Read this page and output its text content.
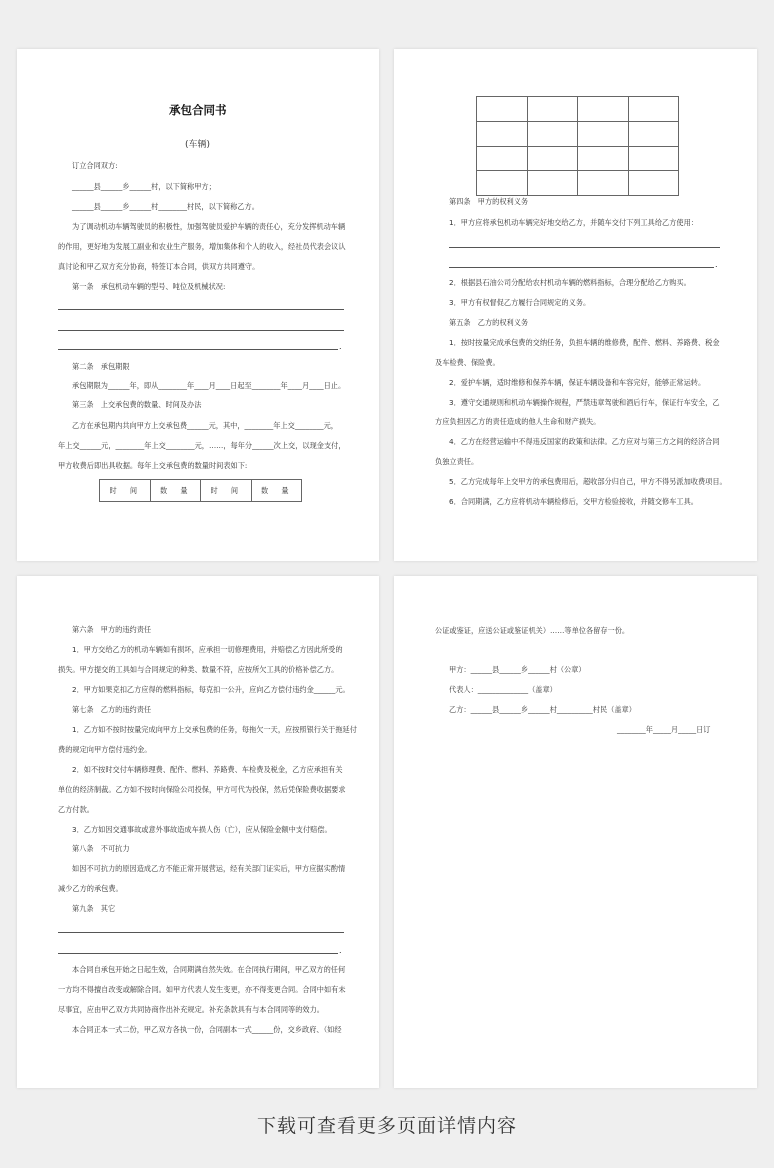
承包合同书
(车辆)
订立合同双方:
______县______乡______村，以下简称甲方；
______县______乡______村________村民，以下简称乙方。
为了调动机动车辆驾驶员的积极性，加强驾驶员爱护车辆的责任心，充分发挥机动车辆
的作用，更好地为发展工副业和农业生产服务，增加集体和个人的收入，经社员代表会议认
真讨论和甲乙双方充分协商，特签订本合同，供双方共同遵守。
第一条　承包机动车辆的型号、吨位及机械状况:
.
第二条　承包期限
承包期限为______年，即从________年____月____日起至________年____月____日止。
第三条　上交承包费的数量、时间及办法
乙方在承包期内共向甲方上交承包费______元，其中，________年上交________元，
年上交______元，________年上交________元，……，每年分______次上交，以现金支付，
甲方收费后即出具收据。每年上交承包费的数量时间表如下:
时　间	数　量	时　间	数　量

第四条　甲方的权利义务
1．甲方应将承包机动车辆完好地交给乙方，并随车交付下列工具给乙方使用：
.
2．根据县石油公司分配给农村机动车辆的燃料指标，合理分配给乙方购买。
3．甲方有权督促乙方履行合同规定的义务。
第五条　乙方的权利义务
1．按时按量完成承包费的交纳任务，负担车辆的维修费，配件、燃料、养路费、税金
及车检费、保险费。
2．爱护车辆，适时维修和保养车辆，保证车辆设备和车容完好，能够正常运转。
3．遵守交通规则和机动车辆操作规程，严禁违章驾驶和酒后行车，保证行车安全，乙
方应负担因乙方的责任造成的他人生命和财产损失。
4．乙方在经营运输中不得违反国家的政策和法律。乙方应对与第三方之间的经济合同
负独立责任。
5．乙方完成每年上交甲方的承包费用后，超收部分归自己，甲方不得另派加收费项目。
6．合同期满，乙方应将机动车辆检修后，交甲方检验接收，并随交修车工具。
第六条　甲方的违约责任
1．甲方交给乙方的机动车辆如有损坏，应承担一切修理费用，并赔偿乙方因此所受的
损失。甲方提交的工具如与合同规定的种类、数量不符，应按所欠工具的价格补偿乙方。
2．甲方如果克扣乙方应得的燃料指标，每克扣一公升，应向乙方偿付违约金______元。
第七条　乙方的违约责任
1．乙方如不按时按量完成向甲方上交承包费的任务，每拖欠一天，应按照银行关于拖延付
费的规定向甲方偿付违约金。
2．如不按时交付车辆修理费、配件、燃料、养路费、车检费及税金，乙方应承担有关
单位的经济制裁。乙方如不按时向保险公司投保，甲方可代为投保，然后凭保险费收据要求
乙方付款。
3．乙方如因交通事故或意外事故造成车损人伤（亡），应从保险金额中支付赔偿。
第八条　不可抗力
如因不可抗力的原因造成乙方不能正常开展营运，经有关部门证实后，甲方应据实酌情
减少乙方的承包费。
第九条　其它
.
本合同自承包开始之日起生效，合同期满自然失效。在合同执行期间，甲乙双方的任何
一方均不得擅自改变或解除合同。如甲方代表人发生变更，亦不得变更合同。合同中如有未
尽事宜，应由甲乙双方共同协商作出补充规定。补充条款具有与本合同同等的效力。
本合同正本一式二份，甲乙双方各执一份，合同副本一式______份，交乡政府、（如经
公证或鉴证，应送公证或鉴证机关）……等单位各留存一份。
甲方：______县______乡______村（公章）
代表人：______________（盖章）
乙方：______县______乡______村__________村民（盖章）
________年_____月_____日订
下载可查看更多页面详情内容
